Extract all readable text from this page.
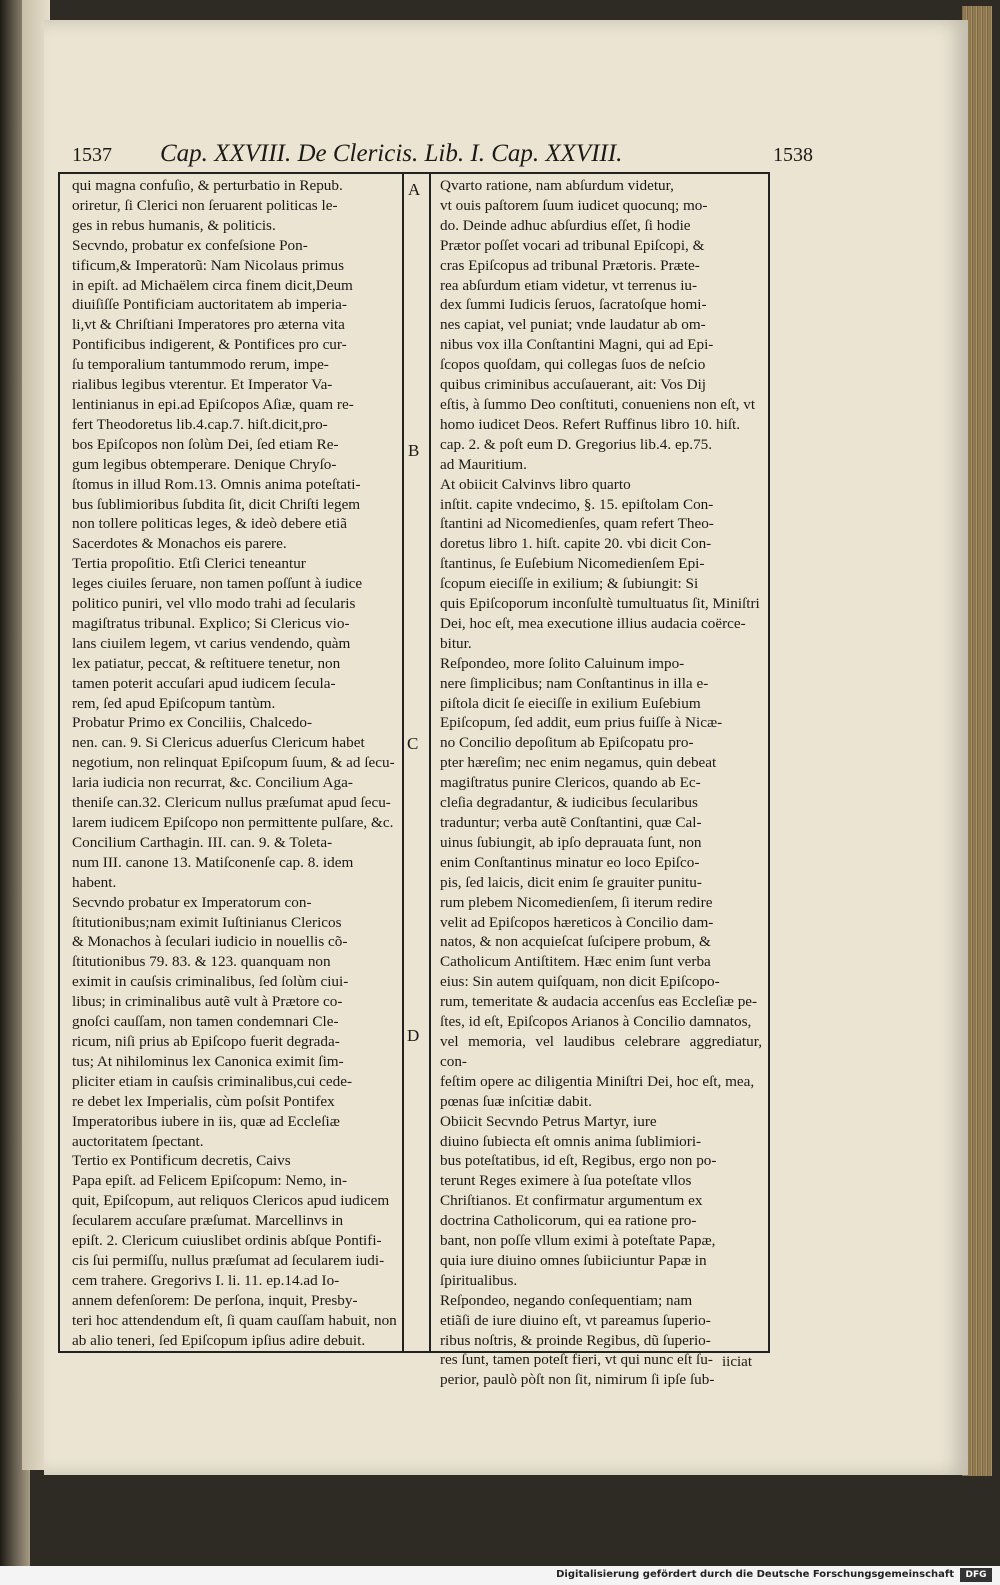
1537 Cap. XXVIII. De Clericis. Lib. I. Cap. XXVIII.	1538
A
B
C
D

qui magna confuſio, & perturbatio in Repub.
oriretur, ſi Clerici non ſeruarent politicas le-
ges in rebus humanis, & politicis.

Secvndo, probatur ex confeſsione Pon-
tificum,& Imperatorũ: Nam Nicolaus primus
in epiſt. ad Michaëlem circa finem dicit,Deum
diuiſiſſe Pontificiam auctoritatem ab imperia-
li,vt & Chriſtiani Imperatores pro æterna vita
Pontificibus indigerent, & Pontifices pro cur-
ſu temporalium tantummodo rerum, impe-
rialibus legibus vterentur. Et Imperator Va-
lentinianus in epi.ad Epiſcopos Aſiæ, quam re-
fert Theodoretus lib.4.cap.7. hiſt.dicit,pro-
bos Epiſcopos non ſolùm Dei, ſed etiam Re-
gum legibus obtemperare. Denique Chryſo-
ſtomus in illud Rom.13. Omnis anima poteſtati-
bus ſublimioribus ſubdita ſit, dicit Chriſti legem
non tollere politicas leges, & ideò debere etiã
Sacerdotes & Monachos eis parere.

Tertia propoſitio. Etſi Clerici teneantur
leges ciuiles ſeruare, non tamen poſſunt à iudice
politico puniri, vel vllo modo trahi ad ſecularis
magiſtratus tribunal. Explico; Si Clericus vio-
lans ciuilem legem, vt carius vendendo, quàm
lex patiatur, peccat, & reſtituere tenetur, non
tamen poterit accuſari apud iudicem ſecula-
rem, ſed apud Epiſcopum tantùm.

Probatur Primo ex Conciliis, Chalcedo-
nen. can. 9. Si Clericus aduerſus Clericum habet
negotium, non relinquat Epiſcopum ſuum, & ad ſecu-
laria iudicia non recurrat, &c. Concilium Aga-
theniſe can.32. Clericum nullus præſumat apud ſecu-
larem iudicem Epiſcopo non permittente pulſare, &c.
Concilium Carthagin. III. can. 9. & Toleta-
num III. canone 13. Matiſconenſe cap. 8. idem
habent.

Secvndo probatur ex Imperatorum con-
ſtitutionibus;nam eximit Iuſtinianus Clericos
& Monachos à ſeculari iudicio in nouellis cõ-
ſtitutionibus 79. 83. & 123. quanquam non
eximit in cauſsis criminalibus, ſed ſolùm ciui-
libus; in criminalibus autẽ vult à Prætore co-
gnoſci cauſſam, non tamen condemnari Cle-
ricum, niſi prius ab Epiſcopo fuerit degrada-
tus; At nihilominus lex Canonica eximit ſim-
pliciter etiam in cauſsis criminalibus,cui cede-
re debet lex Imperialis, cùm poſsit Pontifex
Imperatoribus iubere in iis, quæ ad Eccleſiæ
auctoritatem ſpectant.

Tertio ex Pontificum decretis, Caivs
Papa epiſt. ad Felicem Epiſcopum: Nemo, in-
quit, Epiſcopum, aut reliquos Clericos apud iudicem
ſecularem accuſare præſumat. Marcellinvs in
epiſt. 2. Clericum cuiuslibet ordinis abſque Pontifi-
cis ſui permiſſu, nullus præſumat ad ſecularem iudi-
cem trahere. Gregorivs I. li. 11. ep.14.ad Io-
annem defenſorem: De perſona, inquit, Presby-
teri hoc attendendum eſt, ſi quam cauſſam habuit, non
ab alio teneri, ſed Epiſcopum ipſius adire debuit.

Qvarto ratione, nam abſurdum videtur,
vt ouis paſtorem ſuum iudicet quocunq; mo-
do. Deinde adhuc abſurdius eſſet, ſi hodie
Prætor poſſet vocari ad tribunal Epiſcopi, &
cras Epiſcopus ad tribunal Prætoris. Præte-
rea abſurdum etiam videtur, vt terrenus iu-
dex ſummi Iudicis ſeruos, ſacratoſque homi-
nes capiat, vel puniat; vnde laudatur ab om-
nibus vox illa Conſtantini Magni, qui ad Epi-
ſcopos quoſdam, qui collegas ſuos de neſcio
quibus criminibus accuſauerant, ait: Vos Dij
eſtis, à ſummo Deo conſtituti, conueniens non eſt, vt
homo iudicet Deos. Refert Ruffinus libro 10. hiſt.
cap. 2. & poſt eum D. Gregorius lib.4. ep.75.
ad Mauritium.

At obiicit Calvinvs libro quarto
inſtit. capite vndecimo, §. 15. epiſtolam Con-
ſtantini ad Nicomedienſes, quam refert Theo-
doretus libro 1. hiſt. capite 20. vbi dicit Con-
ſtantinus, ſe Euſebium Nicomedienſem Epi-
ſcopum eieciſſe in exilium; & ſubiungit: Si
quis Epiſcoporum inconſultè tumultuatus ſit, Miniſtri
Dei, hoc eſt, mea executione illius audacia coërce-
bitur.

Reſpondeo, more ſolito Caluinum impo-
nere ſimplicibus; nam Conſtantinus in illa e-
piſtola dicit ſe eieciſſe in exilium Euſebium
Epiſcopum, ſed addit, eum prius fuiſſe à Nicæ-
no Concilio depoſitum ab Epiſcopatu pro-
pter hæreſim; nec enim negamus, quin debeat
magiſtratus punire Clericos, quando ab Ec-
cleſia degradantur, & iudicibus ſecularibus
traduntur; verba autẽ Conſtantini, quæ Cal-
uinus ſubiungit, ab ipſo deprauata ſunt, non
enim Conſtantinus minatur eo loco Epiſco-
pis, ſed laicis, dicit enim ſe grauiter punitu-
rum plebem Nicomedienſem, ſi iterum redire
velit ad Epiſcopos hæreticos à Concilio dam-
natos, & non acquieſcat ſuſcipere probum, &
Catholicum Antiſtitem. Hæc enim ſunt verba
eius: Sin autem quiſquam, non dicit Epiſcopo-
rum, temeritate & audacia accenſus eas Eccleſiæ pe-
ſtes, id eſt, Epiſcopos Arianos à Concilio damnatos,
vel memoria, vel laudibus celebrare aggrediatur, con-
feſtim opere ac diligentia Miniſtri Dei, hoc eſt, mea,
pœnas ſuæ inſcitiæ dabit.

Obiicit Secvndo Petrus Martyr, iure
diuino ſubiecta eſt omnis anima ſublimiori-
bus poteſtatibus, id eſt, Regibus, ergo non po-
terunt Reges eximere à ſua poteſtate vllos
Chriſtianos. Et confirmatur argumentum ex
doctrina Catholicorum, qui ea ratione pro-
bant, non poſſe vllum eximi à poteſtate Papæ,
quia iure diuino omnes ſubiiciuntur Papæ in
ſpiritualibus.

Reſpondeo, negando conſequentiam; nam
etiãſi de iure diuino eſt, vt pareamus ſuperio-
ribus noſtris, & proinde Regibus, dũ ſuperio-
res ſunt, tamen poteſt fieri, vt qui nunc eſt ſu-
perior, paulò pòſt non ſit, nimirum ſi ipſe ſub-

iiciat
Digitalisierung gefördert durch die Deutsche Forschungsgemeinschaft	DFG
